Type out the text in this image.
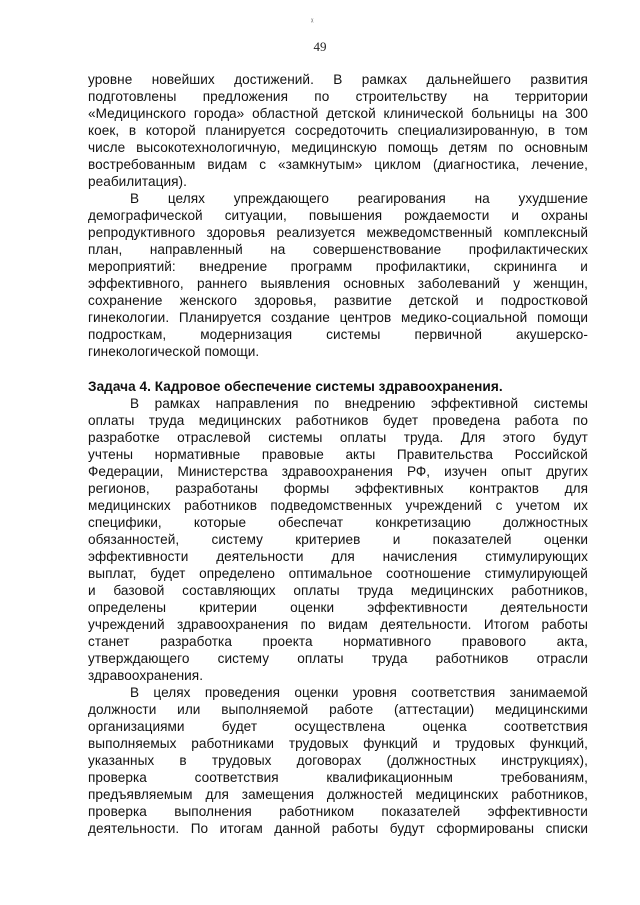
ᵡ
49
уровне новейших достижений. В рамках дальнейшего развития
подготовлены предложения по строительству на территории
«Медицинского города» областной детской клинической больницы на 300
коек, в которой планируется сосредоточить специализированную, в том
числе высокотехнологичную, медицинскую помощь детям по основным
востребованным видам с «замкнутым» циклом (диагностика, лечение,
реабилитация).
В целях упреждающего реагирования на ухудшение
демографической ситуации, повышения рождаемости и охраны
репродуктивного здоровья реализуется межведомственный комплексный
план, направленный на совершенствование профилактических
мероприятий: внедрение программ профилактики, скрининга и
эффективного, раннего выявления основных заболеваний у женщин,
сохранение женского здоровья, развитие детской и подростковой
гинекологии. Планируется создание центров медико-социальной помощи
подросткам,	модернизация	системы	первичной	акушерско-
гинекологической помощи.
Задача 4. Кадровое обеспечение системы здравоохранения.
В рамках направления по внедрению эффективной системы
оплаты труда медицинских работников будет проведена работа по
разработке отраслевой системы оплаты труда. Для этого будут
учтены нормативные правовые акты Правительства Российской
Федерации, Министерства здравоохранения РФ, изучен опыт других
регионов, разработаны формы эффективных контрактов для
медицинских работников подведомственных учреждений с учетом их
специфики, которые обеспечат конкретизацию должностных
обязанностей, систему критериев и показателей оценки
эффективности деятельности для начисления стимулирующих
выплат, будет определено оптимальное соотношение стимулирующей
и базовой составляющих оплаты труда медицинских работников,
определены критерии оценки эффективности деятельности
учреждений здравоохранения по видам деятельности. Итогом работы
станет разработка проекта нормативного правового акта,
утверждающего систему оплаты труда работников отрасли
здравоохранения.
В целях проведения оценки уровня соответствия занимаемой
должности или выполняемой работе (аттестации) медицинскими
организациями	будет	осуществлена	оценка	соответствия
выполняемых работниками трудовых функций и трудовых функций,
указанных в трудовых договорах (должностных инструкциях),
проверка	соответствия	квалификационным	требованиям,
предъявляемым для замещения должностей медицинских работников,
проверка выполнения работником показателей эффективности
деятельности. По итогам данной работы будут сформированы списки
